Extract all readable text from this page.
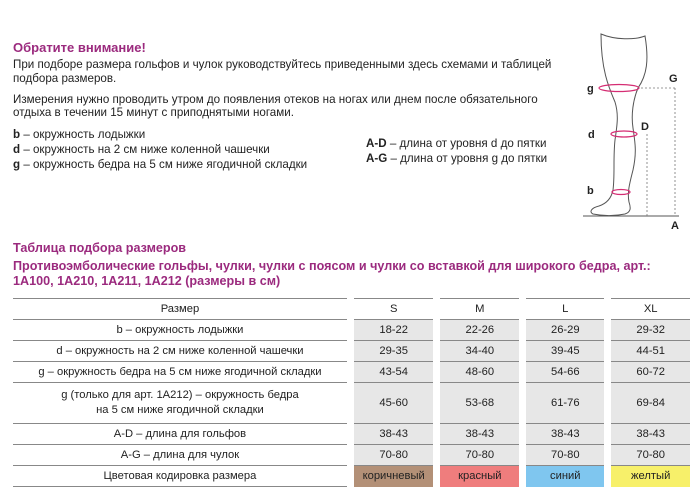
Обратите внимание!

При подборе размера гольфов и чулок руководствуйтесь приведенными здесь схемами и таблицей подбора размеров.

Измерения нужно проводить утром до появления отеков на ногах или днем после обязательного отдыха в течении 15 минут с приподнятыми ногами.

b – окружность лодыжки
d – окружность на 2 см ниже коленной чашечки
g – окружность бедра на 5 см ниже ягодичной складки
A-D – длина от уровня d до пятки
A-G – длина от уровня g до пятки
g
d
b
G
D
A
Таблица подбора размеров
Противоэмболические гольфы, чулки, чулки с поясом и чулки со вставкой для широкого бедра, арт.: 1A100, 1A210, 1A211, 1A212 (размеры в см)
Размер	S	M	L	XL
b – окружность лодыжки	18-22	22-26	26-29	29-32
d – окружность на 2 см ниже коленной чашечки	29-35	34-40	39-45	44-51
g – окружность бедра на 5 см ниже ягодичной складки	43-54	48-60	54-66	60-72

g (только для арт. 1A212) – окружность бедра
на 5 см ниже ягодичной складки	45-60	53-68	61-76	69-84
A-D – длина для гольфов	38-43	38-43	38-43	38-43
A-G – длина для чулок	70-80	70-80	70-80	70-80
Цветовая кодировка размера	коричневый	красный	синий	желтый
